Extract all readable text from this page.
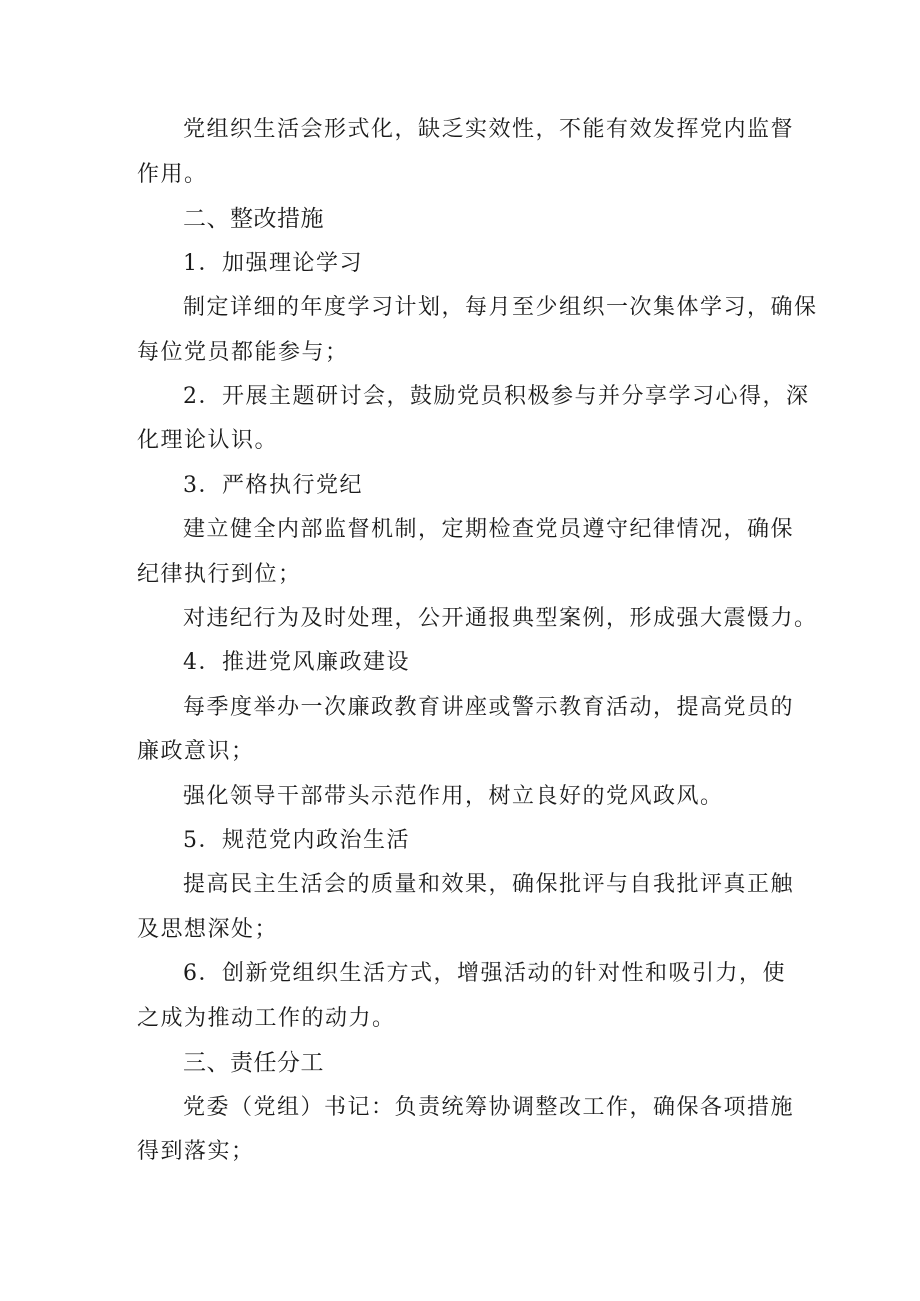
党组织生活会形式化，缺乏实效性，不能有效发挥党内监督
作用。
二、整改措施
1．加强理论学习
制定详细的年度学习计划，每月至少组织一次集体学习，确保
每位党员都能参与；
2．开展主题研讨会，鼓励党员积极参与并分享学习心得，深
化理论认识。
3．严格执行党纪
建立健全内部监督机制，定期检查党员遵守纪律情况，确保
纪律执行到位；
对违纪行为及时处理，公开通报典型案例，形成强大震慑力。
4．推进党风廉政建设
每季度举办一次廉政教育讲座或警示教育活动，提高党员的
廉政意识；
强化领导干部带头示范作用，树立良好的党风政风。
5．规范党内政治生活
提高民主生活会的质量和效果，确保批评与自我批评真正触
及思想深处；
6．创新党组织生活方式，增强活动的针对性和吸引力，使
之成为推动工作的动力。
三、责任分工
党委（党组）书记：负责统筹协调整改工作，确保各项措施
得到落实；
